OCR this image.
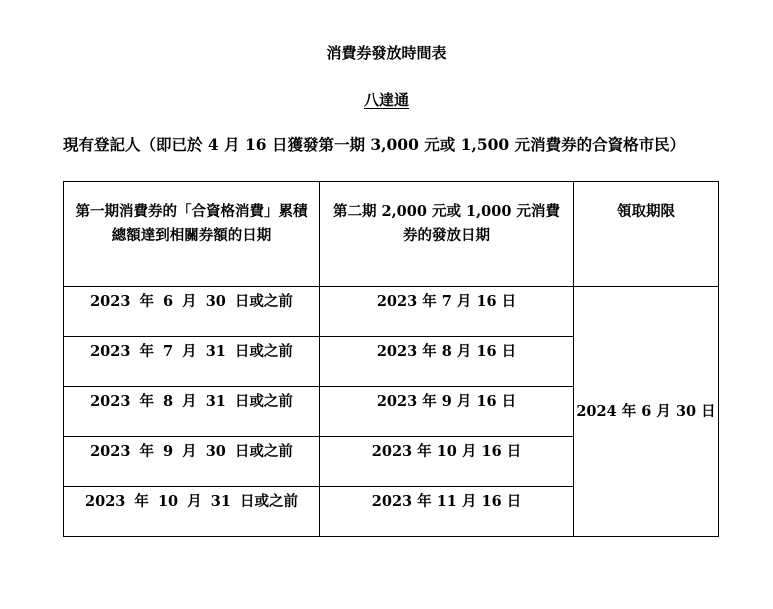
消費券發放時間表
八達通
現有登記人（即已於 4 月 16 日獲發第一期 3,000 元或 1,500 元消費券的合資格市民）
第一期消費券的「合資格消費」累積總額達到相關券額的日期	第二期 2,000 元或 1,000 元消費券的發放日期	領取期限
2023 年 6 月 30 日或之前	2023 年 7 月 16 日	2024 年 6 月 30 日
2023 年 7 月 31 日或之前	2023 年 8 月 16 日	
2023 年 8 月 31 日或之前	2023 年 9 月 16 日	
2023 年 9 月 30 日或之前	2023 年 10 月 16 日	
2023 年 10 月 31 日或之前	2023 年 11 月 16 日	
